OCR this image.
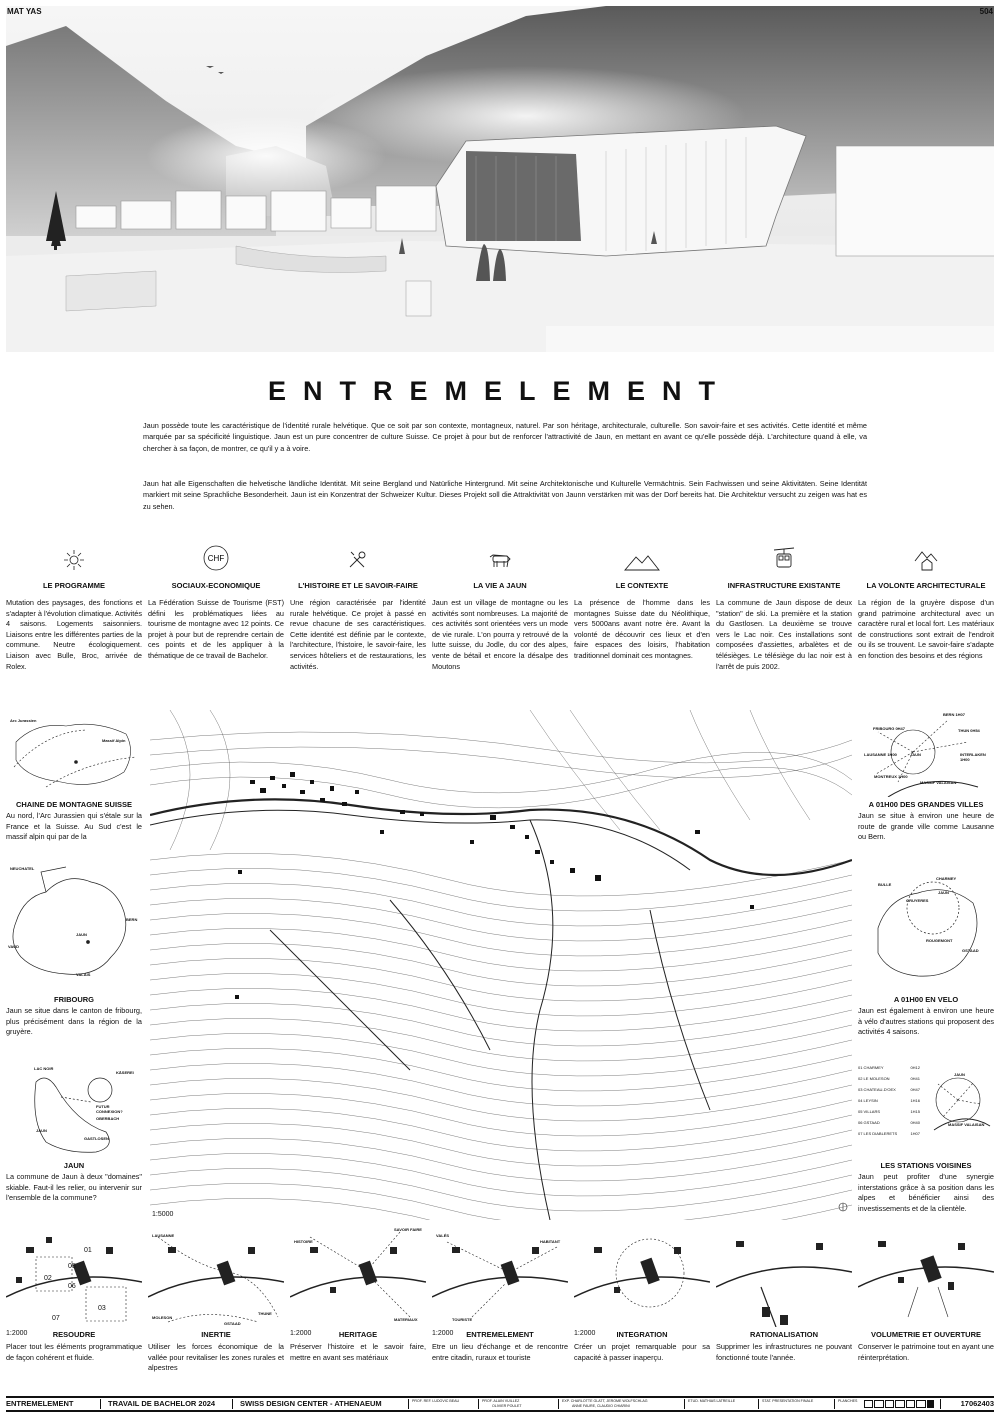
MAT YAS	504
ENTREMELEMENT
Jaun possède toute les caractéristique de l'identité rurale helvétique. Que ce soit par son contexte, montagneux, naturel. Par son héritage, architecturale, culturelle. Son savoir-faire et ses activités. Cette identité et même marquée par sa spécificité linguistique. Jaun est un pure concentrer de culture Suisse. Ce projet à pour but de renforcer l'attractivité de Jaun, en mettant en avant ce qu'elle possède déjà. L'architecture quand à elle, va chercher à sa façon, de montrer, ce qu'il y a à voire.
Jaun hat alle Eigenschaften die helvetische ländliche Identität. Mit seine Bergland und Natürliche Hintergrund. Mit seine Architektonische und Kulturelle Vermächtnis. Sein Fachwissen und seine Aktivitäten. Seine Identität markiert mit seine Sprachliche Besonderheit. Jaun ist ein Konzentrat der Schweizer Kultur. Dieses Projekt soll die Attraktivität von Jaunn verstärken mit was der Dorf bereits hat. Die Architektur versucht zu zeigen was hat es zu sehen.
LE PROGRAMME
Mutation des paysages, des fonctions et s'adapter à l'évolution climatique. Activités 4 saisons. Logements saisonniers. Liaisons entre les différentes parties de la commune. Neutre écologiquement. Liaison avec Bulle, Broc, arrivée de Rolex.
CHF
SOCIAUX-ECONOMIQUE
La Fédération Suisse de Tourisme (FST) défini les problématiques liées au tourisme de montagne avec 12 points. Ce projet à pour but de reprendre certain de ces points et de les appliquer à la thématique de ce travail de Bachelor.
L'HISTOIRE ET LE SAVOIR-FAIRE
Une région caractérisée par l'identité rurale helvétique. Ce projet à passé en revue chacune de ses caractéristiques. Cette identité est définie par le contexte, l'architecture, l'histoire, le savoir-faire, les services hôteliers et de restaurations, les activités.
LA VIE A JAUN
Jaun est un village de montagne ou les activités sont nombreuses. La majorité de ces activités sont orientées vers un mode de vie rurale. L'on pourra y retrouvé de la lutte suisse, du Jodle, du cor des alpes, vente de bétail et encore la désalpe des Moutons
LE CONTEXTE
La présence de l'homme dans les montagnes Suisse date du Néolithique, vers 5000ans avant notre ère. Avant la volonté de découvrir ces lieux et d'en faire espaces des loisirs, l'habitation traditionnel dominait ces montagnes.
INFRASTRUCTURE EXISTANTE
La commune de Jaun dispose de deux "station" de ski. La première et la station du Gastlosen. La deuxième se trouve vers le Lac noir. Ces installations sont composées d'assiettes, arbalètes et de télésièges. Le télésiège du lac noir est à l'arrêt de puis 2002.
LA VOLONTE ARCHITECTURALE
La région de la gruyère dispose d'un grand patrimoine architectural avec un caractère rural et local fort. Les matériaux de constructions sont extrait de l'endroit ou ils se trouvent. Le savoir-faire s'adapte en fonction des besoins et des régions
Arc Jurassien
Massif Alpin
CHAINE DE MONTAGNE SUISSE
Au nord, l'Arc Jurassien qui s'étale sur la France et la Suisse. Au Sud c'est le massif alpin qui par de la
NEUCHATEL
BERN
VAUD
JAUN
VALAIS
FRIBOURG
Jaun se situe dans le canton de fribourg, plus précisément dans la région de la gruyère.
LAC NOIR
KÄSEREI
FUTUR CONNEXION?
OBERBACH
JAUN
GASTLOSEN
JAUN
La commune de Jaun à deux "domaines" skiable. Faut-il les relier, ou intervenir sur l'ensemble de la commune?
1:5000
BERN 1H07
FRIBOURG 0H47	THUN 0H54
LAUSANNE 1H00	INTERLAKEN 1H00
JAUN
MONTREUX 1H00
MASSIF VALAISAN
A 01H00 DES GRANDES VILLES
Jaun se situe à environ une heure de route de grande ville comme Lausanne ou Bern.
BULLE
CHARMEY
JAUN
GRUYERES
ROUGEMONT
GSTAAD
A 01H00 EN VELO
Jaun est également à environ une heure à vélo d'autres stations qui proposent des activités 4 saisons.
01 CHARMEY	0H12
02 LE MOLESON	0H41
03 CHATEAU-D'OEX	0H47
04 LEYSIN	1H16
05 VILLARS	1H15
06 GSTAAD	0H40
07 LES DIABLERETS	1H07
JAUN
MASSIF VALAISAN
LES STATIONS VOISINES
Jaun peut profiter d'une synergie interstations grâce à sa position dans les alpes et bénéficier ainsi des investissements et de la clientèle.
01
02
05
06
03
07
1:2000	RESOUDRE
Placer tout les éléments programmatique de façon cohérent et fluide.
LAUSANNE
THUNE
MOLESON
GSTAAD
INERTIE
Utiliser les forces économique de la vallée pour revitaliser les zones rurales et alpestres
HISTOIRE
SAVOIR FAIRE
MATERIAUX
1:2000	HERITAGE
Préserver l'histoire et le savoir faire, mettre en avant ses matériaux
VALÉS
HABITANT
TOURISTE
1:2000	ENTREMELEMENT
Etre un lieu d'échange et de rencontre entre citadin, ruraux et touriste
1:2000	INTEGRATION
Créer un projet remarquable pour sa capacité à passer inaperçu.
RATIONALISATION
Supprimer les infrastructures ne pouvant fonctionné toute l'année.
VOLUMETRIE ET OUVERTURE
Conserver le patrimoine tout en ayant une réinterprétation.
ENTREMELEMENT	TRAVAIL DE BACHELOR 2024	SWISS DESIGN CENTER - ATHENAEUM	PROF. REF. LUDOVIC BEAU	PROF. ALAIN VUILLEZ
OLIVIER POULET
EXP. CHARLOTTE GLATT, JEROME WOLFSCHLAG
ANNE FAURE, CLAUDIO CHIARINI
ETUD. MATHIAS LATREILLE	STAT. PRESENTATION FINALE	PLANCHES	17062403
